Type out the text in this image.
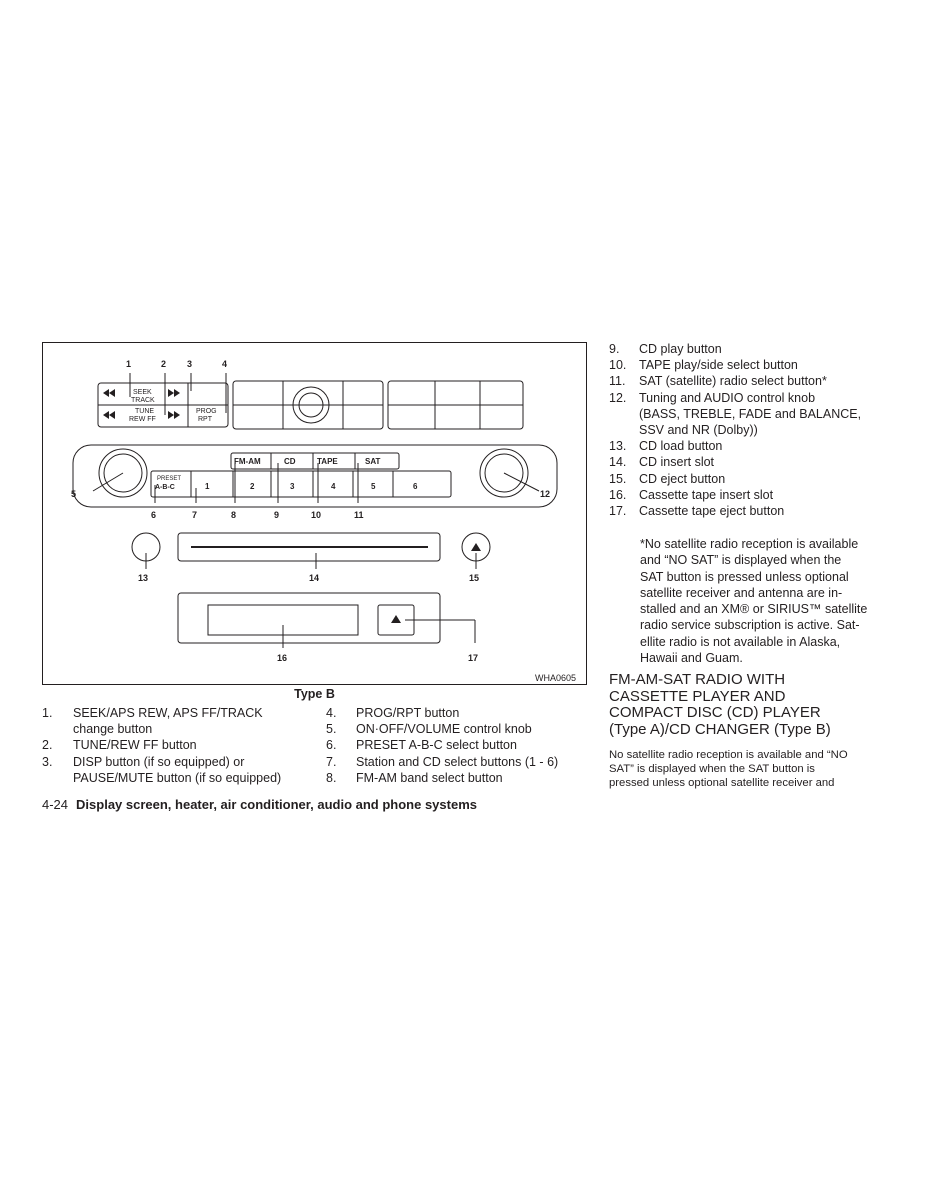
1	2 3	4
5
6	7	8	9	10	11
12
13	14	15
16	17
SEEK
TRACK
TUNE
REW FF
PROG
RPT
PRESET
A-B-C
FM-AM	CD	TAPE	SAT
1	2	3	4	5	6
WHA0605
Type B
1.	SEEK/APS REW, APS FF/TRACK
change button
2.	TUNE/REW FF button
3.	DISP button (if so equipped) or
PAUSE/MUTE button (if so equipped)
4.	PROG/RPT button
5.	ON·OFF/VOLUME control knob
6.	PRESET A-B-C select button
7.	Station and CD select buttons (1 - 6)
8.	FM-AM band select button
9.	CD play button
10.	TAPE play/side select button
11.	SAT (satellite) radio select button*
12.	Tuning and AUDIO control knob
(BASS, TREBLE, FADE and BALANCE,
SSV and NR (Dolby))
13.	CD load button
14.	CD insert slot
15.	CD eject button
16.	Cassette tape insert slot
17.	Cassette tape eject button
*No satellite radio reception is available
and “NO SAT” is displayed when the
SAT button is pressed unless optional
satellite receiver and antenna are in-
stalled and an XM® or SIRIUS™ satellite
radio service subscription is active. Sat-
ellite radio is not available in Alaska,
Hawaii and Guam.
FM-AM-SAT RADIO WITH
CASSETTE PLAYER AND
COMPACT DISC (CD) PLAYER
(Type A)/CD CHANGER (Type B)
No satellite radio reception is available and “NO
SAT” is displayed when the SAT button is
pressed unless optional satellite receiver and
4-24 Display screen, heater, air conditioner, audio and phone systems
